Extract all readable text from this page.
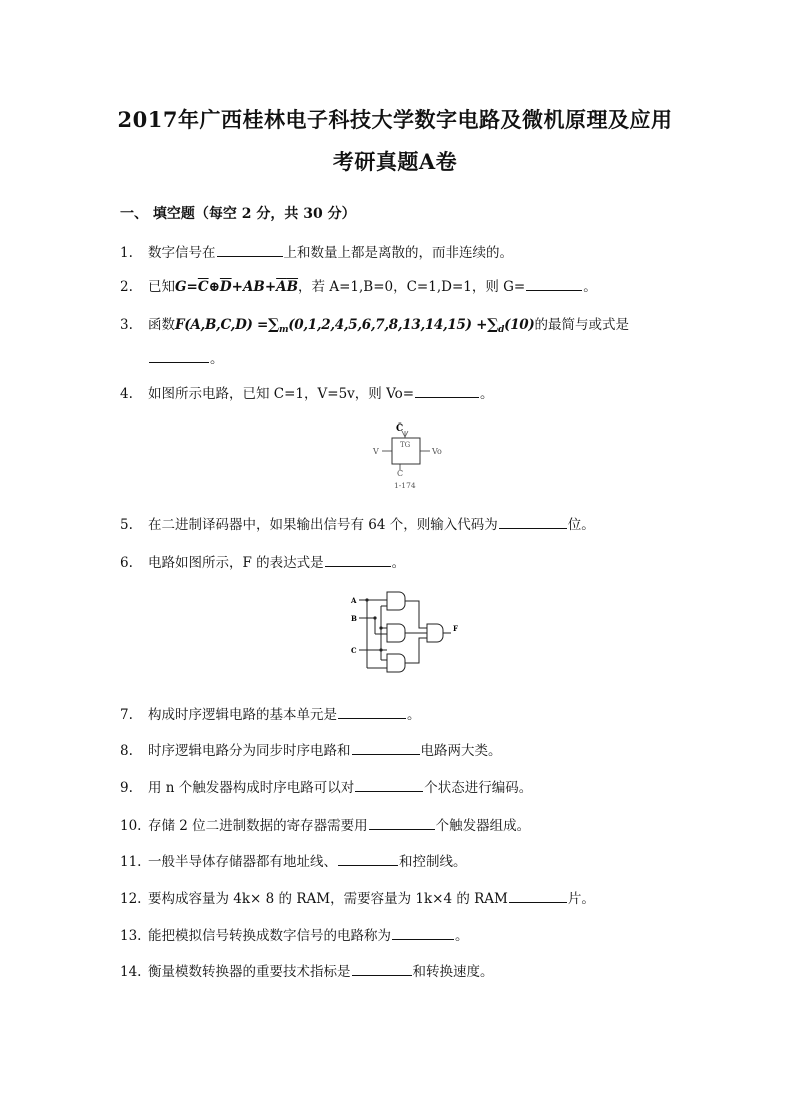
2017年广西桂林电子科技大学数字电路及微机原理及应用
考研真题A卷
一、 填空题（每空 2 分，共 30 分）
1. 数字信号在	上和数量上都是离散的，而非连续的。
2. 已知$G=\overline{C}\oplus\overline{D}+AB+\overline{A}\overline{B}$，若 A=1,B=0，C=1,D=1，则 G=	。
3. 函数$F(A,B,C,D) =\sum_m(0,1,2,4,5,6,7,8,13,14,15) +\sum_d(10)$的最简与或式是
。
4. 如图所示电路，已知 C=1，V=5v，则 Vo=	。
C̄
TG
V	Vo
C
1-174
5. 在二进制译码器中，如果输出信号有 64 个，则输入代码为	位。
6. 电路如图所示，F 的表达式是	。
A
B
C
F
7. 构成时序逻辑电路的基本单元是	。
8. 时序逻辑电路分为同步时序电路和	电路两大类。
9. 用 n 个触发器构成时序电路可以对	个状态进行编码。
10. 存储 2 位二进制数据的寄存器需要用	个触发器组成。
11. 一般半导体存储器都有地址线、	和控制线。
12. 要构成容量为 4k× 8 的 RAM，需要容量为 1k×4 的 RAM	片。
13. 能把模拟信号转换成数字信号的电路称为	。
14. 衡量模数转换器的重要技术指标是	和转换速度。
